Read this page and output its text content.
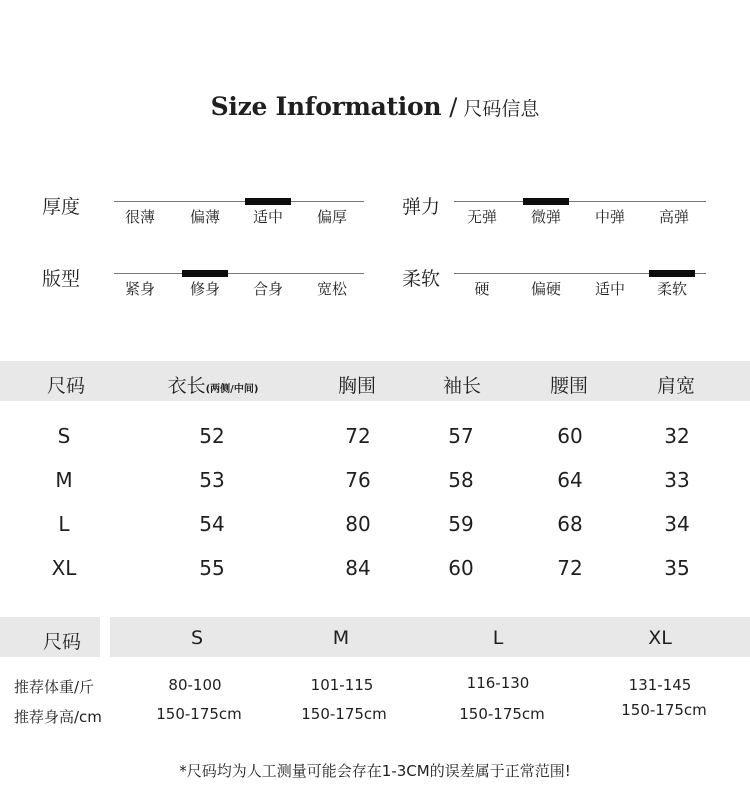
Size Information / 尺码信息
厚度	很薄 偏薄 适中 偏厚	弹力 无弹 微弹 中弹 高弹
版型	紧身 修身 合身 宽松	柔软 硬	偏硬 适中 柔软
尺码	衣长(两侧/中间)	胸围	袖长	腰围	肩宽
S	52	72	57	60	32
M	53	76	58	64	33
L	54	80	59	68	34
XL	55	84	60	72	35
尺码	S	M	L	XL
推荐体重/斤	80-100	101-115	116-130	131-145
推荐身高/cm	150-175cm	150-175cm	150-175cm	150-175cm
*尺码均为人工测量可能会存在1-3CM的误差属于正常范围!
